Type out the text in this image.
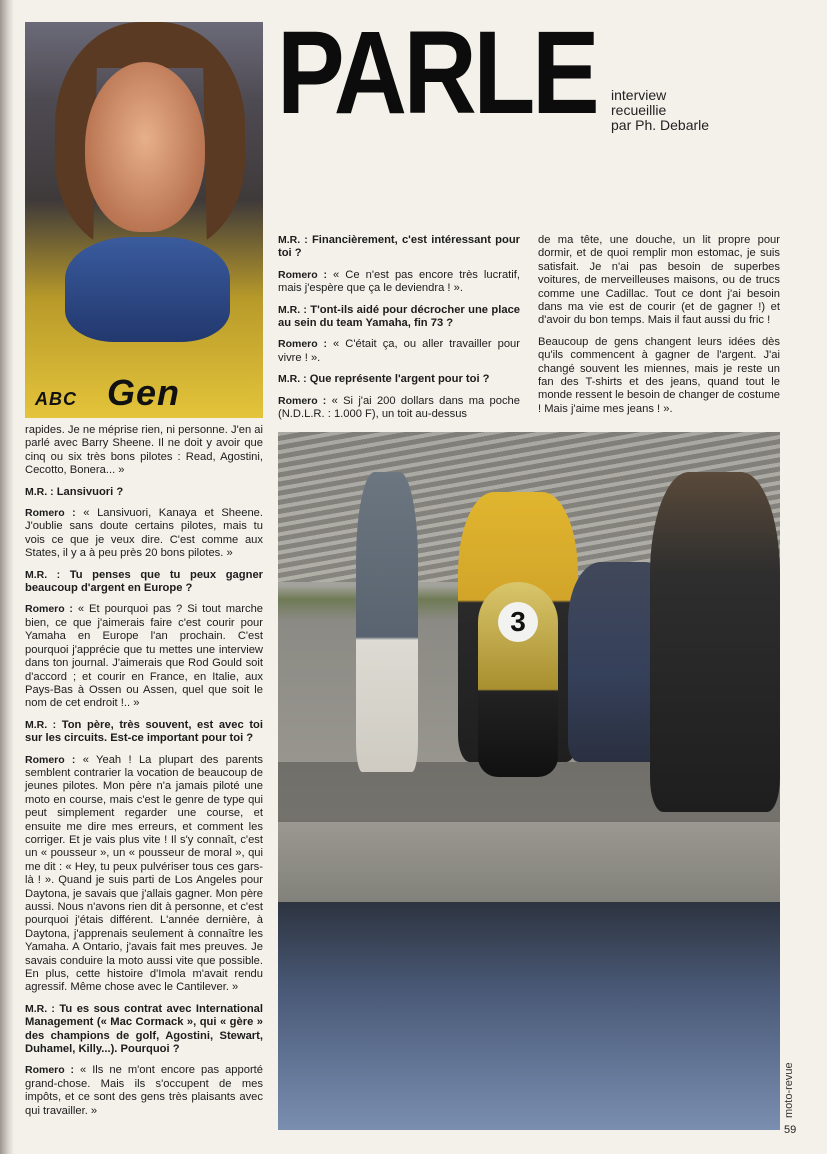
ABC Gen
PARLE interview
recueillie
par Ph. Debarle

M.R. : Financièrement, c'est intéressant pour toi ?

Romero : « Ce n'est pas encore très lucratif, mais j'espère que ça le deviendra ! ».

M.R. : T'ont-ils aidé pour décrocher une place au sein du team Yamaha, fin 73 ?

Romero : « C'était ça, ou aller travailler pour vivre ! ».

M.R. : Que représente l'argent pour toi ?

Romero : « Si j'ai 200 dollars dans ma poche (N.D.L.R. : 1.000 F), un toit au-dessus

de ma tête, une douche, un lit propre pour dormir, et de quoi remplir mon estomac, je suis satisfait. Je n'ai pas besoin de superbes voitures, de merveilleuses maisons, ou de trucs comme une Cadillac. Tout ce dont j'ai besoin dans ma vie est de courir (et de gagner !) et d'avoir du bon temps. Mais il faut aussi du fric !

Beaucoup de gens changent leurs idées dès qu'ils commencent à gagner de l'argent. J'ai changé souvent les miennes, mais je reste un fan des T-shirts et des jeans, quand tout le monde ressent le besoin de changer de costume ! Mais j'aime mes jeans ! ».

rapides. Je ne méprise rien, ni personne. J'en ai parlé avec Barry Sheene. Il ne doit y avoir que cinq ou six très bons pilotes : Read, Agostini, Cecotto, Bonera... »

M.R. : Lansivuori ?

Romero : « Lansivuori, Kanaya et Sheene. J'oublie sans doute certains pilotes, mais tu vois ce que je veux dire. C'est comme aux States, il y a à peu près 20 bons pilotes. »

M.R. : Tu penses que tu peux gagner beaucoup d'argent en Europe ?

Romero : « Et pourquoi pas ? Si tout marche bien, ce que j'aimerais faire c'est courir pour Yamaha en Europe l'an prochain. C'est pourquoi j'apprécie que tu mettes une interview dans ton journal. J'aimerais que Rod Gould soit d'accord ; et courir en France, en Italie, aux Pays-Bas à Ossen ou Assen, quel que soit le nom de cet endroit !.. »

M.R. : Ton père, très souvent, est avec toi sur les circuits. Est-ce important pour toi ?

Romero : « Yeah ! La plupart des parents semblent contrarier la vocation de beaucoup de jeunes pilotes. Mon père n'a jamais piloté une moto en course, mais c'est le genre de type qui peut simplement regarder une course, et ensuite me dire mes erreurs, et comment les corriger. Et je vais plus vite ! Il s'y connaît, c'est un « pousseur », un « pousseur de moral », qui me dit : « Hey, tu peux pulvériser tous ces gars-là ! ». Quand je suis parti de Los Angeles pour Daytona, je savais que j'allais gagner. Mon père aussi. Nous n'avons rien dit à personne, et c'est pourquoi j'étais différent. L'année dernière, à Daytona, j'apprenais seulement à connaître les Yamaha. A Ontario, j'avais fait mes preuves. Je savais conduire la moto aussi vite que possible. En plus, cette histoire d'Imola m'avait rendu agressif. Même chose avec le Cantilever. »

M.R. : Tu es sous contrat avec International Management (« Mac Cormack », qui « gère » des champions de golf, Agostini, Stewart, Duhamel, Killy...). Pourquoi ?

Romero : « Ils ne m'ont encore pas apporté grand-chose. Mais ils s'occupent de mes impôts, et ce sont des gens très plaisants avec qui travailler. »

3
moto-revue
59
